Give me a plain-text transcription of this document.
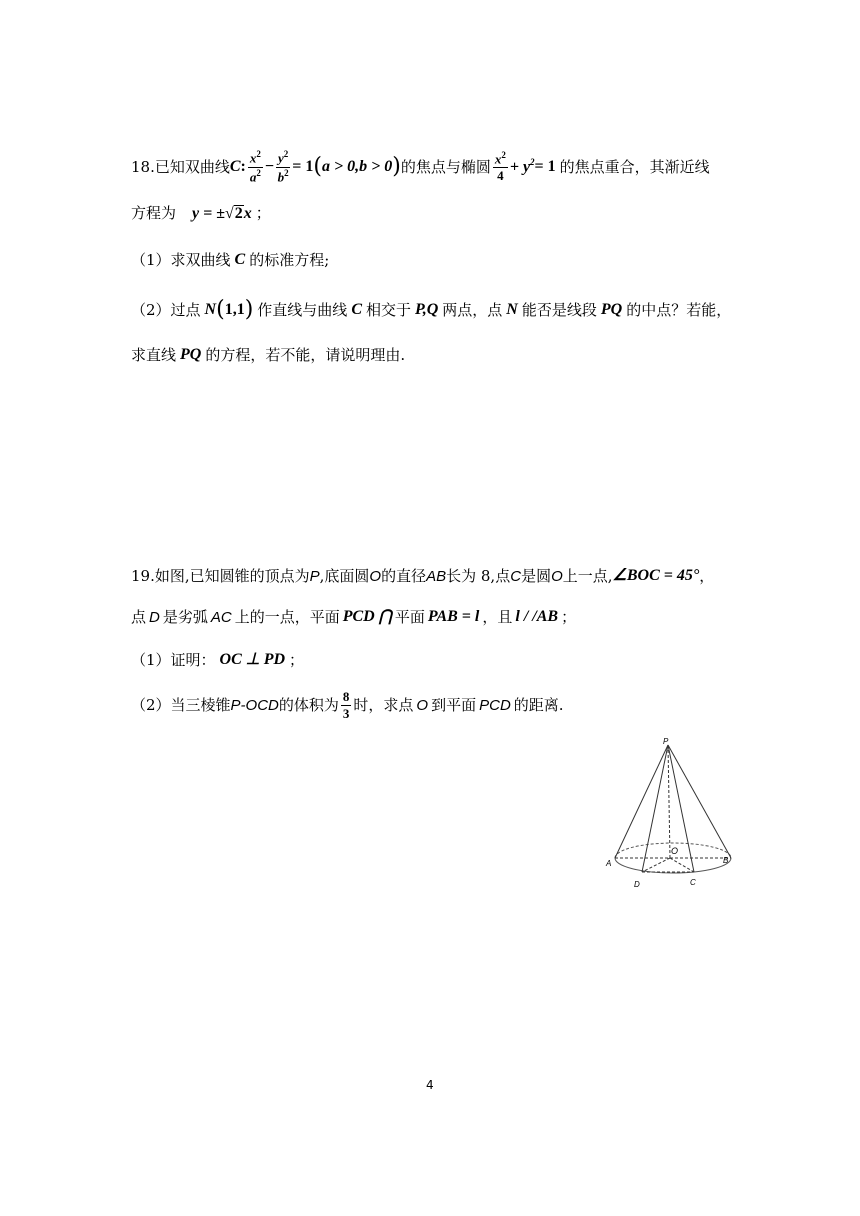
18.已知双曲线 C : $\frac{x^2}{a^2} - \frac{y^2}{b^2} = 1$ ( a > 0,b > 0 ) 的焦点与椭圆 $\frac{x^2}{4} + y^2 = 1$ 的焦点重合，其渐近线
方程为 y = ± √ 2 x ；
（1）求双曲线 C 的标准方程;
（2）过点 N ( 1,1 ) 作直线与曲线 C 相交于 P,Q 两点，点 N 能否是线段 PQ 的中点？若能，
求直线 PQ 的方程，若不能，请说明理由.
19.如图,已知圆锥的顶点为 P ,底面圆 O 的直径 AB 长为 8,点 C 是圆 O 上一点, ∠BOC = 45° ，
点 D 是劣弧 AC 上的一点，平面 PCD ⋂ 平面 PAB = l ，且 l / /AB ；
（1）证明： OC ⊥ PD ；
（2）当三棱锥 P-OCD 的体积为 $\frac{8}{3}$ 时，求点 O 到平面 PCD 的距离.
P
A	B
O
D	C
4
